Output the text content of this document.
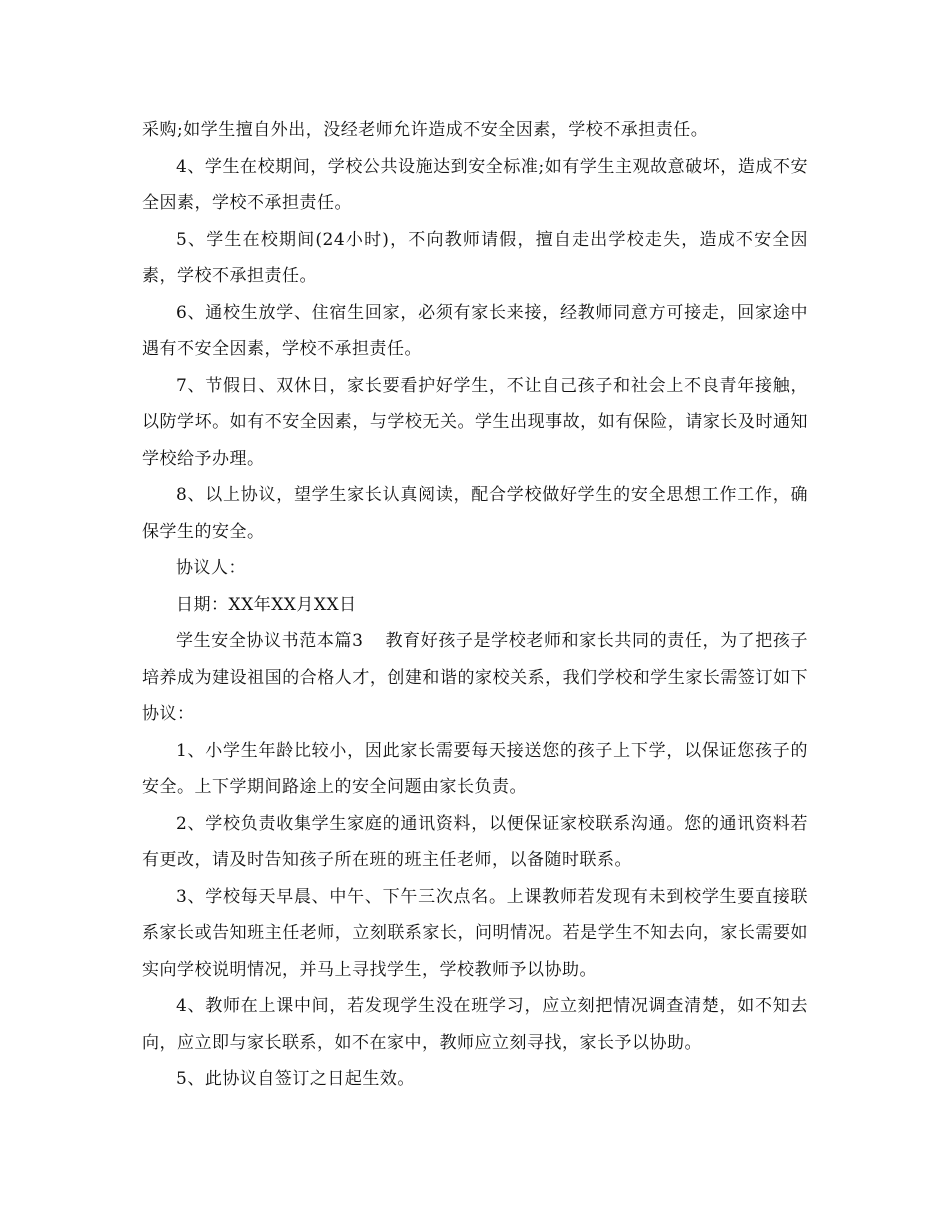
采购;如学生擅自外出，没经老师允许造成不安全因素，学校不承担责任。

4、学生在校期间，学校公共设施达到安全标准;如有学生主观故意破坏，造成不安全因素，学校不承担责任。

5、学生在校期间(24小时)，不向教师请假，擅自走出学校走失，造成不安全因素，学校不承担责任。

6、通校生放学、住宿生回家，必须有家长来接，经教师同意方可接走，回家途中遇有不安全因素，学校不承担责任。

7、节假日、双休日，家长要看护好学生，不让自己孩子和社会上不良青年接触，以防学坏。如有不安全因素，与学校无关。学生出现事故，如有保险，请家长及时通知学校给予办理。

8、以上协议，望学生家长认真阅读，配合学校做好学生的安全思想工作工作，确保学生的安全。

协议人：

日期：XX年XX月XX日

学生安全协议书范本篇3 教育好孩子是学校老师和家长共同的责任，为了把孩子培养成为建设祖国的合格人才，创建和谐的家校关系，我们学校和学生家长需签订如下协议：

1、小学生年龄比较小，因此家长需要每天接送您的孩子上下学，以保证您孩子的安全。上下学期间路途上的安全问题由家长负责。

2、学校负责收集学生家庭的通讯资料，以便保证家校联系沟通。您的通讯资料若有更改，请及时告知孩子所在班的班主任老师，以备随时联系。

3、学校每天早晨、中午、下午三次点名。上课教师若发现有未到校学生要直接联系家长或告知班主任老师，立刻联系家长，问明情况。若是学生不知去向，家长需要如实向学校说明情况，并马上寻找学生，学校教师予以协助。

4、教师在上课中间，若发现学生没在班学习，应立刻把情况调查清楚，如不知去向，应立即与家长联系，如不在家中，教师应立刻寻找，家长予以协助。

5、此协议自签订之日起生效。
